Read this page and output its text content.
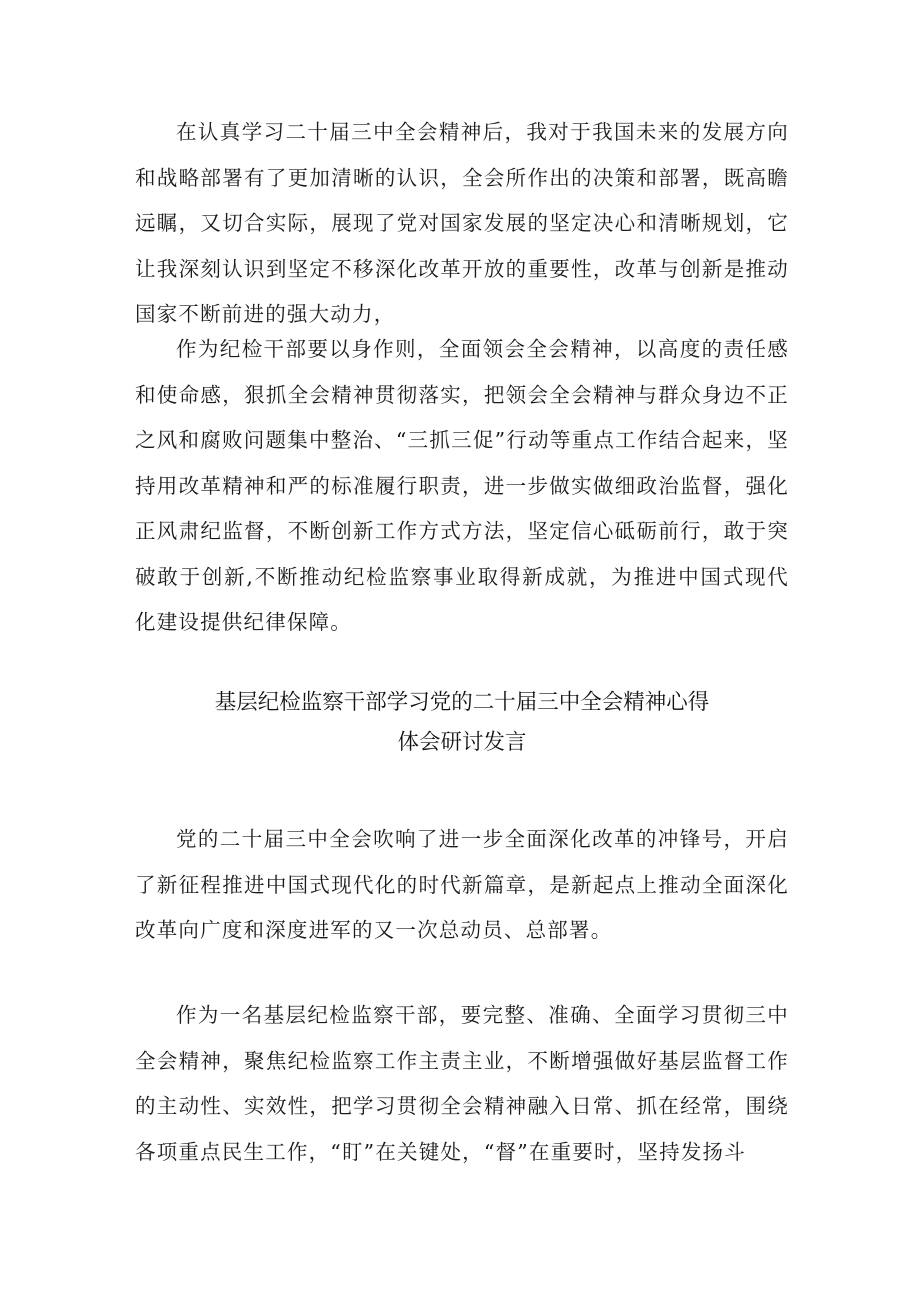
在认真学习二十届三中全会精神后，我对于我国未来的发展方向和战略部署有了更加清晰的认识，全会所作出的决策和部署，既高瞻远瞩，又切合实际，展现了党对国家发展的坚定决心和清晰规划，它让我深刻认识到坚定不移深化改革开放的重要性，改革与创新是推动国家不断前进的强大动力，

作为纪检干部要以身作则，全面领会全会精神，以高度的责任感和使命感，狠抓全会精神贯彻落实，把领会全会精神与群众身边不正之风和腐败问题集中整治、“三抓三促”行动等重点工作结合起来，坚持用改革精神和严的标准履行职责，进一步做实做细政治监督，强化正风肃纪监督，不断创新工作方式方法，坚定信心砥砺前行，敢于突破敢于创新,不断推动纪检监察事业取得新成就，为推进中国式现代化建设提供纪律保障。

基层纪检监察干部学习党的二十届三中全会精神心得
体会研讨发言

党的二十届三中全会吹响了进一步全面深化改革的冲锋号，开启了新征程推进中国式现代化的时代新篇章，是新起点上推动全面深化改革向广度和深度进军的又一次总动员、总部署。

作为一名基层纪检监察干部，要完整、准确、全面学习贯彻三中全会精神，聚焦纪检监察工作主责主业，不断增强做好基层监督工作的主动性、实效性，把学习贯彻全会精神融入日常、抓在经常，围绕各项重点民生工作，“盯”在关键处，“督”在重要时，坚持发扬斗
